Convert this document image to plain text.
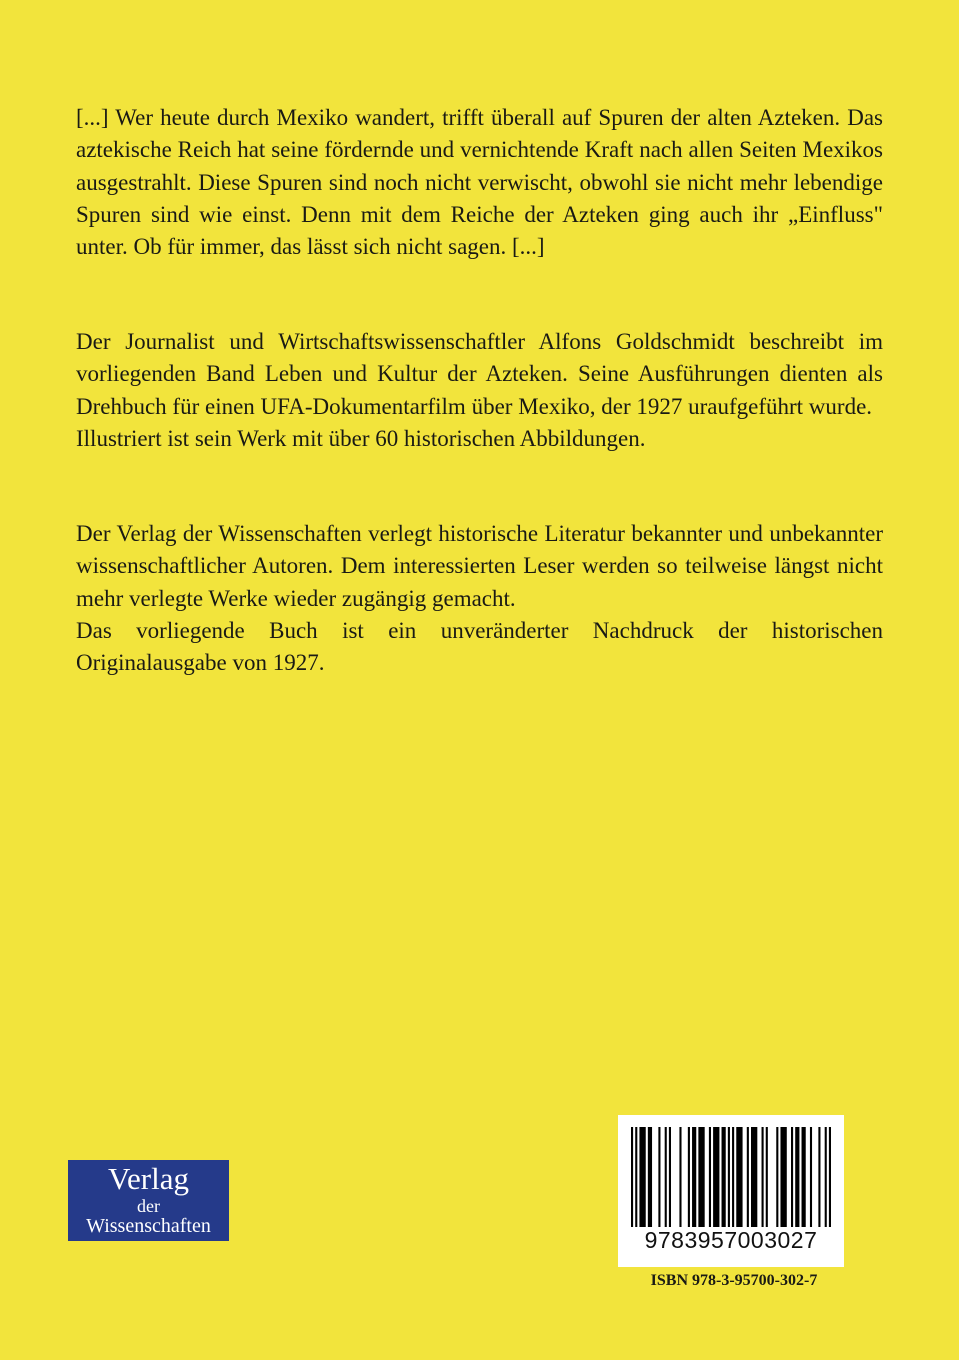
[...] Wer heute durch Mexiko wandert, trifft überall auf Spuren der alten Azteken. Das aztekische Reich hat seine fördernde und vernichtende Kraft nach allen Seiten Mexikos ausgestrahlt. Diese Spuren sind noch nicht verwischt, obwohl sie nicht mehr lebendige Spuren sind wie einst. Denn mit dem Reiche der Azteken ging auch ihr „Einfluss" unter. Ob für immer, das lässt sich nicht sagen. [...]

Der Journalist und Wirtschaftswissenschaftler Alfons Goldschmidt beschreibt im vorliegenden Band Leben und Kultur der Azteken. Seine Ausführungen dienten als Drehbuch für einen UFA-Dokumentarfilm über Mexiko, der 1927 uraufgeführt wurde.

Illustriert ist sein Werk mit über 60 historischen Abbildungen.

Der Verlag der Wissenschaften verlegt historische Literatur bekannter und unbekannter wissenschaftlicher Autoren. Dem interessierten Leser werden so teilweise längst nicht mehr verlegte Werke wieder zugängig gemacht.

Das vorliegende Buch ist ein unveränderter Nachdruck der historischen Originalausgabe von 1927.

Verlag
der
Wissenschaften
9783957003027
ISBN 978-3-95700-302-7
